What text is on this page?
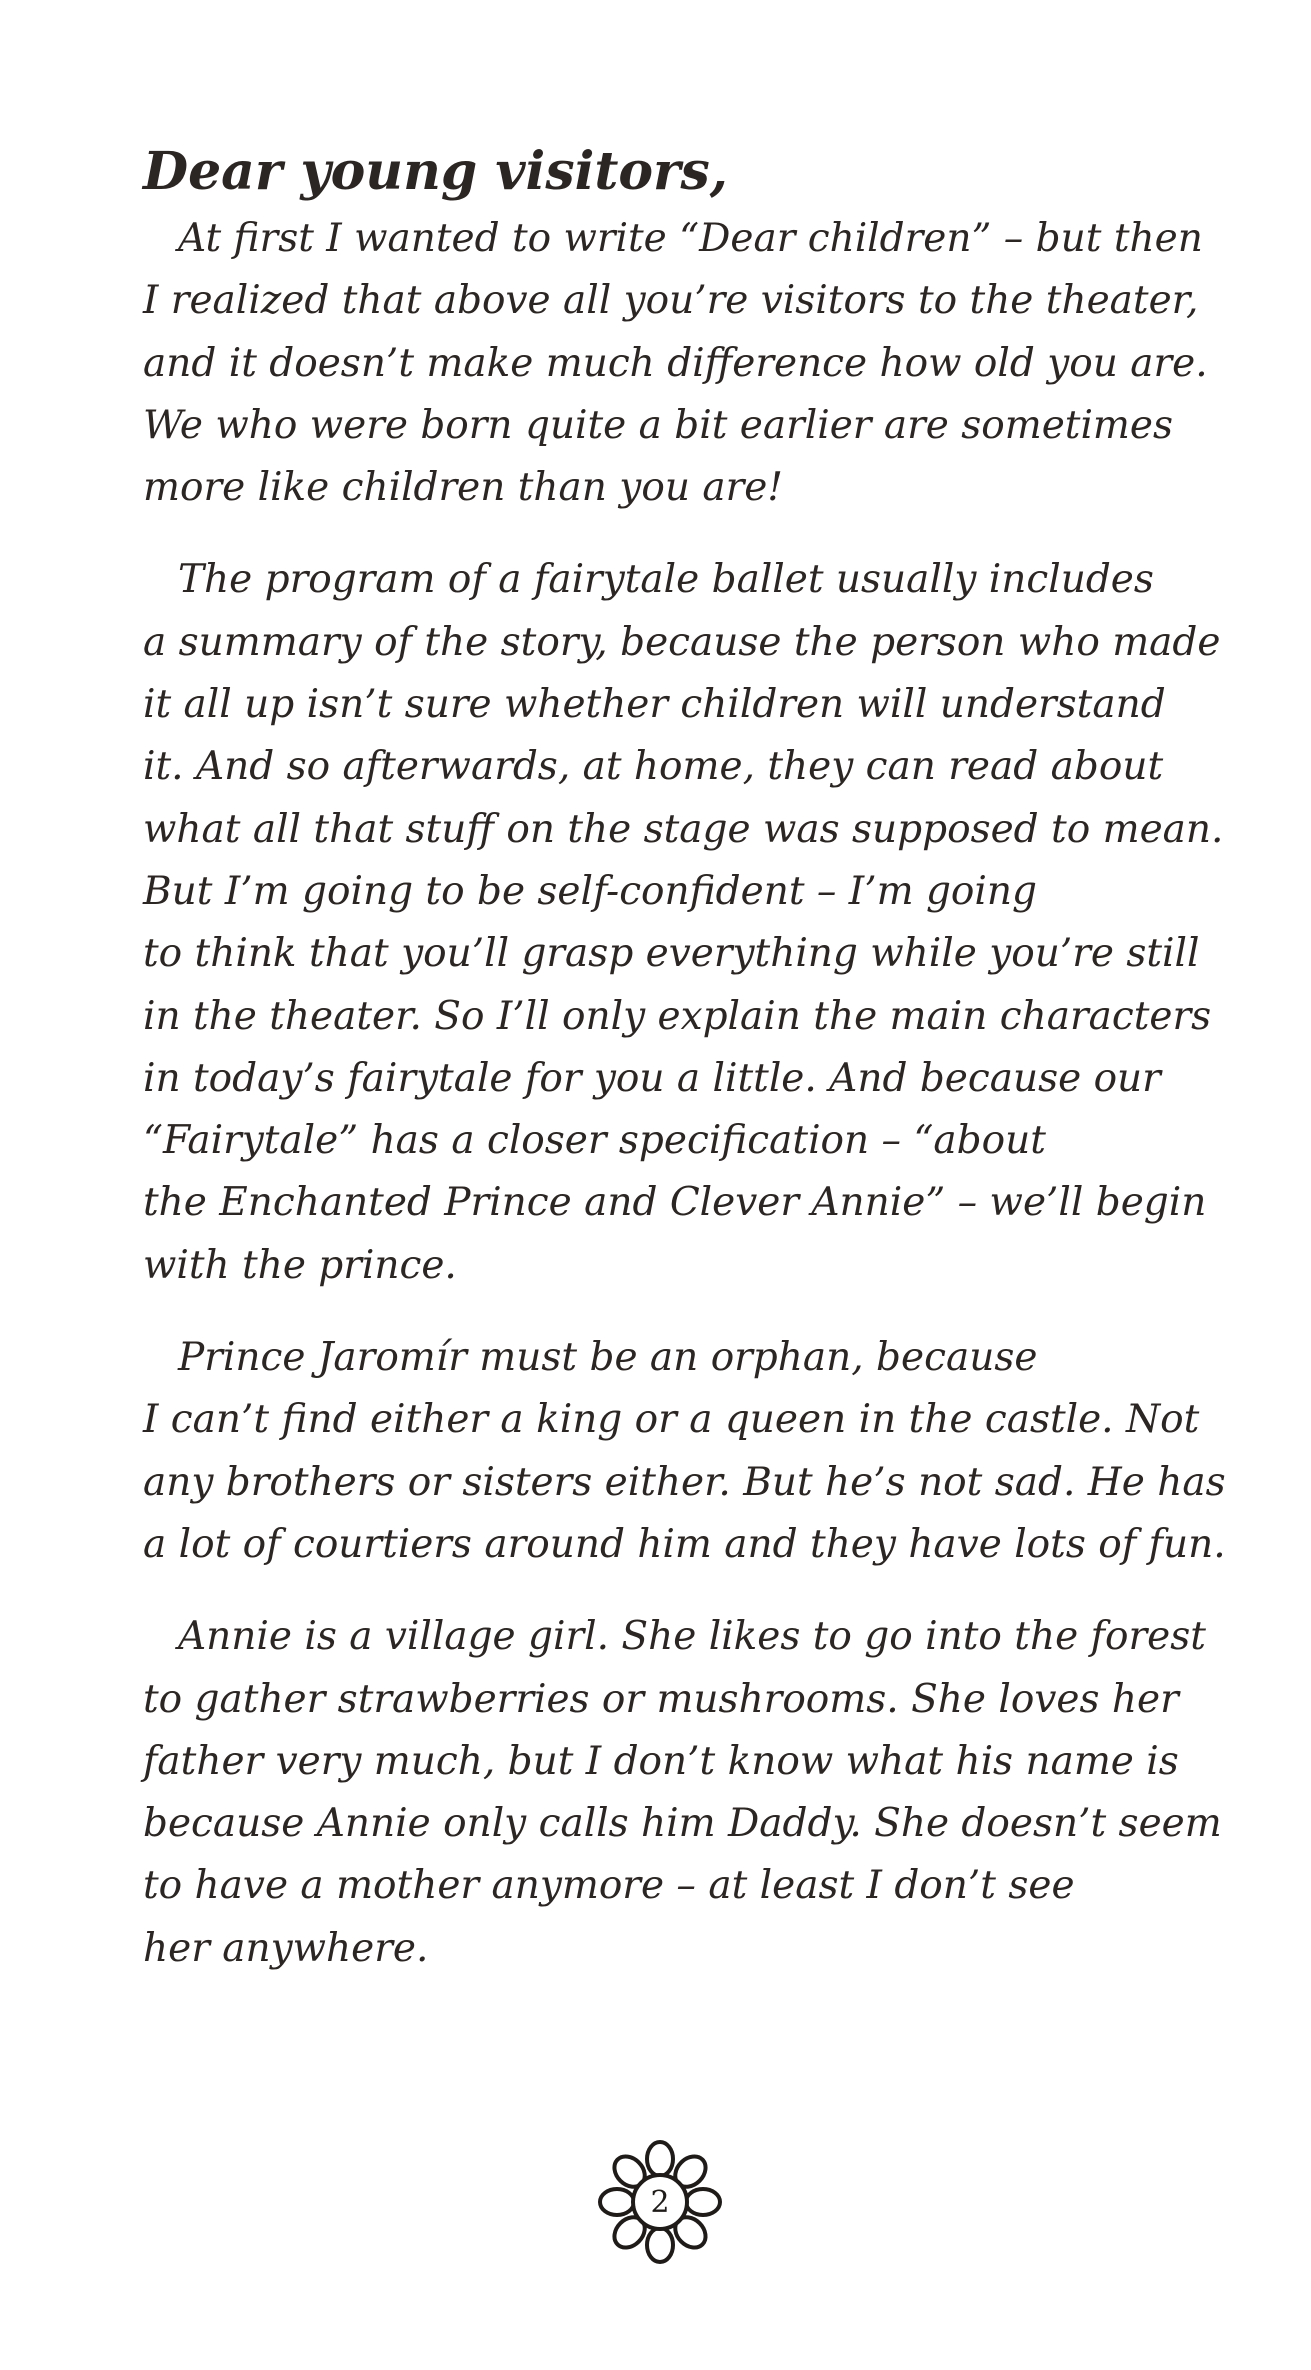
Dear young visitors,
At first I wanted to write “Dear children” – but then
I realized that above all you’re visitors to the theater,
and it doesn’t make much difference how old you are.
We who were born quite a bit earlier are sometimes
more like children than you are!
The program of a fairytale ballet usually includes
a summary of the story, because the person who made
it all up isn’t sure whether children will understand
it. And so afterwards, at home, they can read about
what all that stuff on the stage was supposed to mean.
But I’m going to be self-confident – I’m going
to think that you’ll grasp everything while you’re still
in the theater. So I’ll only explain the main characters
in today’s fairytale for you a little. And because our
“Fairytale” has a closer specification – “about
the Enchanted Prince and Clever Annie” – we’ll begin
with the prince.
Prince Jaromír must be an orphan, because
I can’t find either a king or a queen in the castle. Not
any brothers or sisters either. But he’s not sad. He has
a lot of courtiers around him and they have lots of fun.
Annie is a village girl. She likes to go into the forest
to gather strawberries or mushrooms. She loves her
father very much, but I don’t know what his name is
because Annie only calls him Daddy. She doesn’t seem
to have a mother anymore – at least I don’t see
her anywhere.
2
